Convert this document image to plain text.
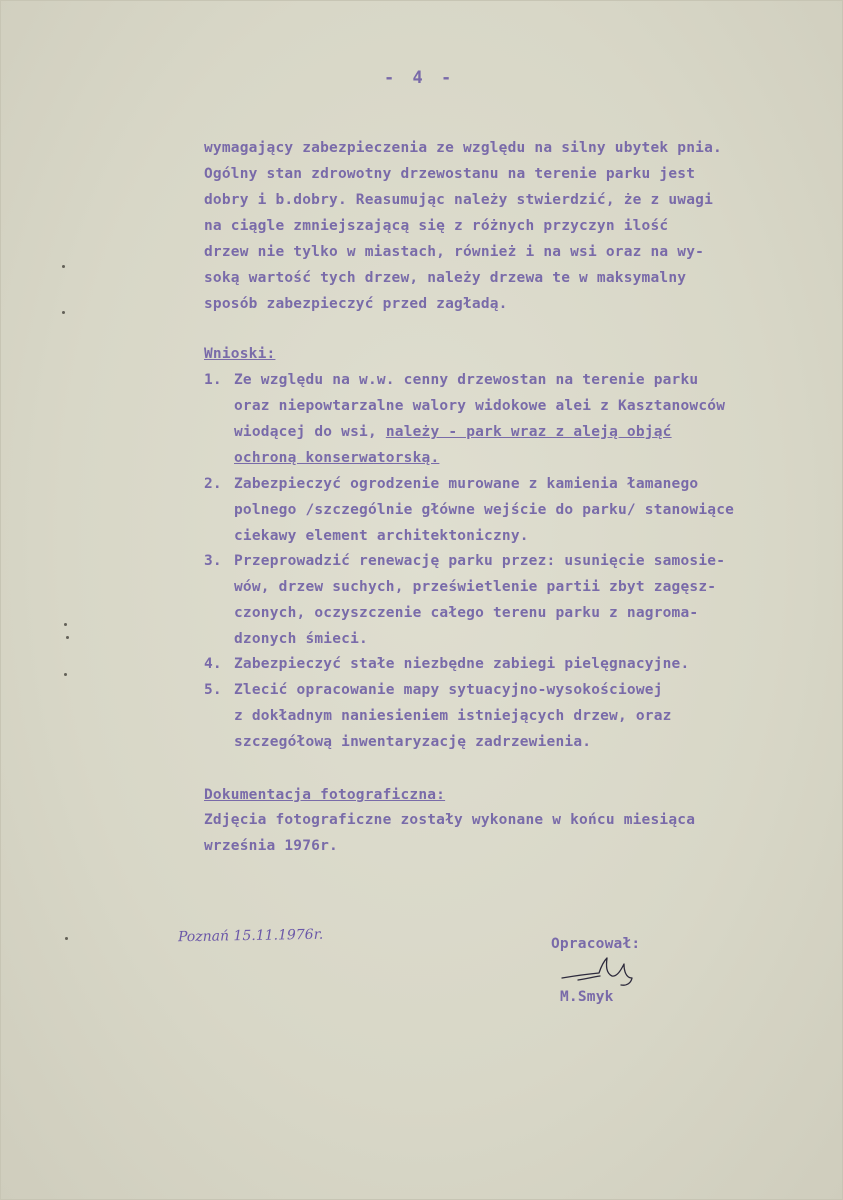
- 4 -
wymagający zabezpieczenia ze względu na silny ubytek pnia.
Ogólny stan zdrowotny drzewostanu na terenie parku jest
dobry i b.dobry. Reasumując należy stwierdzić, że z uwagi
na ciągle zmniejszającą się z różnych przyczyn ilość
drzew nie tylko w miastach, również i na wsi oraz na wy-
soką wartość tych drzew, należy drzewa te w maksymalny
sposób zabezpieczyć przed zagładą.
Wnioski:
1. Ze względu na w.w. cenny drzewostan na terenie parku
oraz niepowtarzalne walory widokowe alei z Kasztanowców
wiodącej do wsi, należy - park wraz z aleją objąć
ochroną konserwatorską.
2. Zabezpieczyć ogrodzenie murowane z kamienia łamanego
polnego /szczególnie główne wejście do parku/ stanowiące
ciekawy element architektoniczny.
3. Przeprowadzić renewację parku przez: usunięcie samosie-
wów, drzew suchych, prześwietlenie partii zbyt zagęsz-
czonych, oczyszczenie całego terenu parku z nagroma-
dzonych śmieci.
4. Zabezpieczyć stałe niezbędne zabiegi pielęgnacyjne.
5. Zlecić opracowanie mapy sytuacyjno-wysokościowej
z dokładnym naniesieniem istniejących drzew, oraz
szczegółową inwentaryzację zadrzewienia.
Dokumentacja fotograficzna:
Zdjęcia fotograficzne zostały wykonane w końcu miesiąca
września 1976r.
Poznań 15.11.1976r.	Opracował:
M.Smyk
